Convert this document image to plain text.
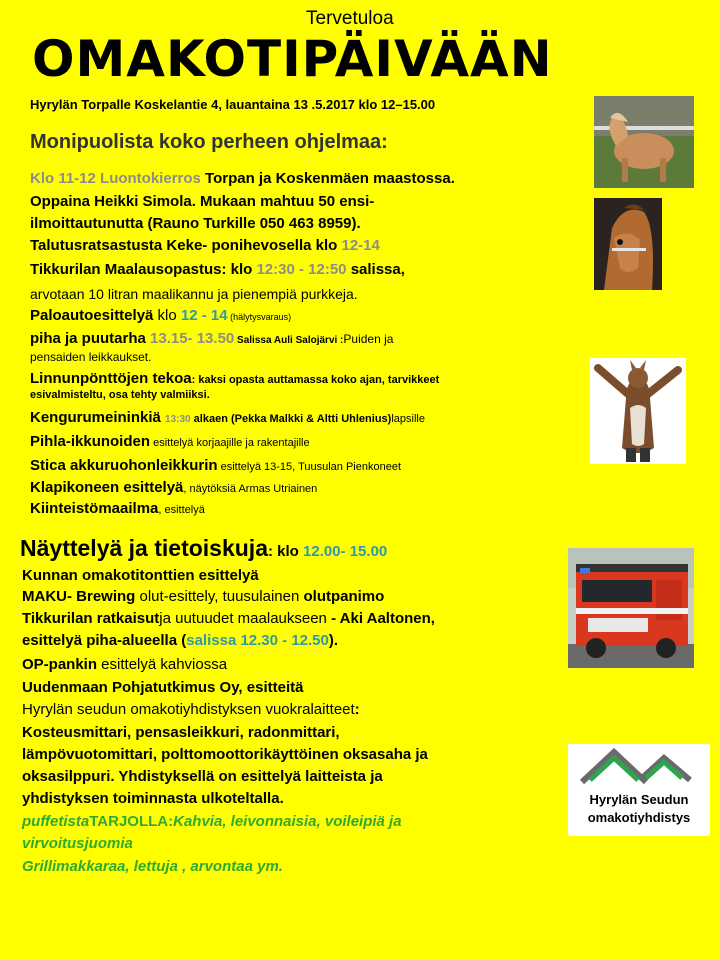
Tervetuloa
OMAKOTIPÄIVÄÄN
Hyrylän Torpalle Koskelantie 4, lauantaina 13 .5.2017 klo 12–15.00
Monipuolista koko perheen ohjelmaa:
Klo 11-12 Luontokierros Torpan ja Koskenmäen maastossa.
Oppaina Heikki Simola. Mukaan mahtuu 50 ensi-
ilmoittautunutta (Rauno Turkille 050 463 8959).
Talutusratsastusta Keke- ponihevosella klo 12-14
Tikkurilan Maalausopastus: klo 12:30 - 12:50 salissa,
arvotaan 10 litran maalikannu ja pienempiä purkkeja.
Paloautoesittelyä klo 12 - 14 (hälytysvaraus)
piha ja puutarha 13.15- 13.50 Salissa Auli Salojärvi :Puiden ja
pensaiden leikkaukset.
Linnunpönttöjen tekoa: kaksi opasta auttamassa koko ajan, tarvikkeet
esivalmisteltu, osa tehty valmiiksi.
Kengurumeininkiä 13:30 alkaen (Pekka Malkki & Altti Uhlenius)lapsille
Pihla-ikkunoiden esittelyä korjaajille ja rakentajille
Stica akkuruohonleikkurin esittelyä 13-15, Tuusulan Pienkoneet
Klapikoneen esittelyä, näytöksiä Armas Utriainen
Kiinteistömaailma, esittelyä
Näyttelyä ja tietoiskuja: klo 12.00- 15.00
Kunnan omakotitonttien esittelyä
MAKU- Brewing olut-esittely, tuusulainen olutpanimo
Tikkurilan ratkaisutja uutuudet maalaukseen - Aki Aaltonen,
esittelyä piha-alueella (salissa 12.30 - 12.50).
OP-pankin esittelyä kahviossa
Uudenmaan Pohjatutkimus Oy, esitteitä
Hyrylän seudun omakotiyhdistyksen vuokralaitteet:
Kosteusmittari, pensasleikkuri, radonmittari,
lämpövuotomittari, polttomoottorikäyttöinen oksasaha ja
oksasilppuri. Yhdistyksellä on esittelyä laitteista ja
yhdistyksen toiminnasta ulkoteltalla.
puffetistaTARJOLLA:Kahvia, leivonnaisia, voileipiä ja
virvoitusjuomia
Grillimakkaraa, lettuja , arvontaa ym.
Hyrylän Seudun
omakotiyhdistys
